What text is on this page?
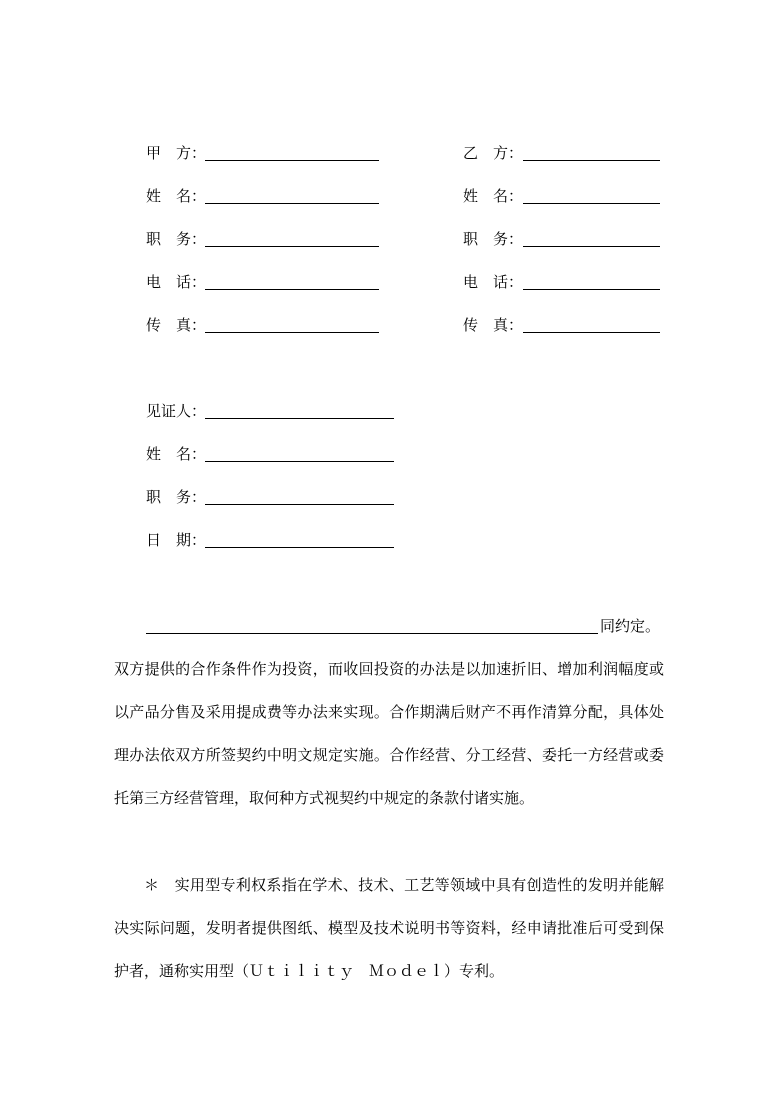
甲　方：
姓　名：
职　务：
电　话：
传　真：
乙　方：
姓　名：
职　务：
电　话：
传　真：
见证人：
姓　名：
职　务：
日　期：
同约定。
双方提供的合作条件作为投资，而收回投资的办法是以加速折旧、增加利润幅度或以产品分售及采用提成费等办法来实现。合作期满后财产不再作清算分配，具体处理办法依双方所签契约中明文规定实施。合作经营、分工经营、委托一方经营或委托第三方经营管理，取何种方式视契约中规定的条款付诸实施。
＊　实用型专利权系指在学术、技术、工艺等领域中具有创造性的发明并能解决实际问题，发明者提供图纸、模型及技术说明书等资料，经申请批准后可受到保护者，通称实用型（Ｕｔｉｌｉｔｙ　Ｍｏｄｅｌ）专利。
